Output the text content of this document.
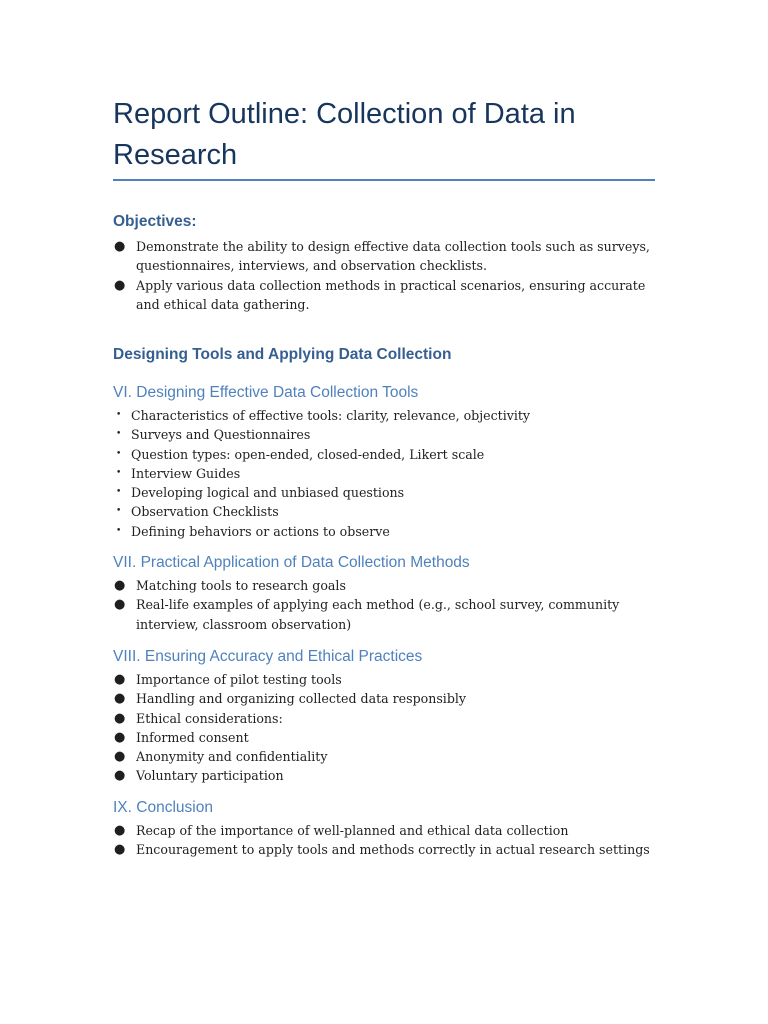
Report Outline: Collection of Data in Research
Objectives:
● Demonstrate the ability to design effective data collection tools such as surveys, questionnaires, interviews, and observation checklists.
● Apply various data collection methods in practical scenarios, ensuring accurate and ethical data gathering.
Designing Tools and Applying Data Collection
VI. Designing Effective Data Collection Tools
• Characteristics of effective tools: clarity, relevance, objectivity
• Surveys and Questionnaires
• Question types: open-ended, closed-ended, Likert scale
• Interview Guides
• Developing logical and unbiased questions
• Observation Checklists
• Defining behaviors or actions to observe
VII. Practical Application of Data Collection Methods
● Matching tools to research goals
● Real-life examples of applying each method (e.g., school survey, community interview, classroom observation)
VIII. Ensuring Accuracy and Ethical Practices
● Importance of pilot testing tools
● Handling and organizing collected data responsibly
● Ethical considerations:
● Informed consent
● Anonymity and confidentiality
● Voluntary participation
IX. Conclusion
● Recap of the importance of well-planned and ethical data collection
● Encouragement to apply tools and methods correctly in actual research settings
